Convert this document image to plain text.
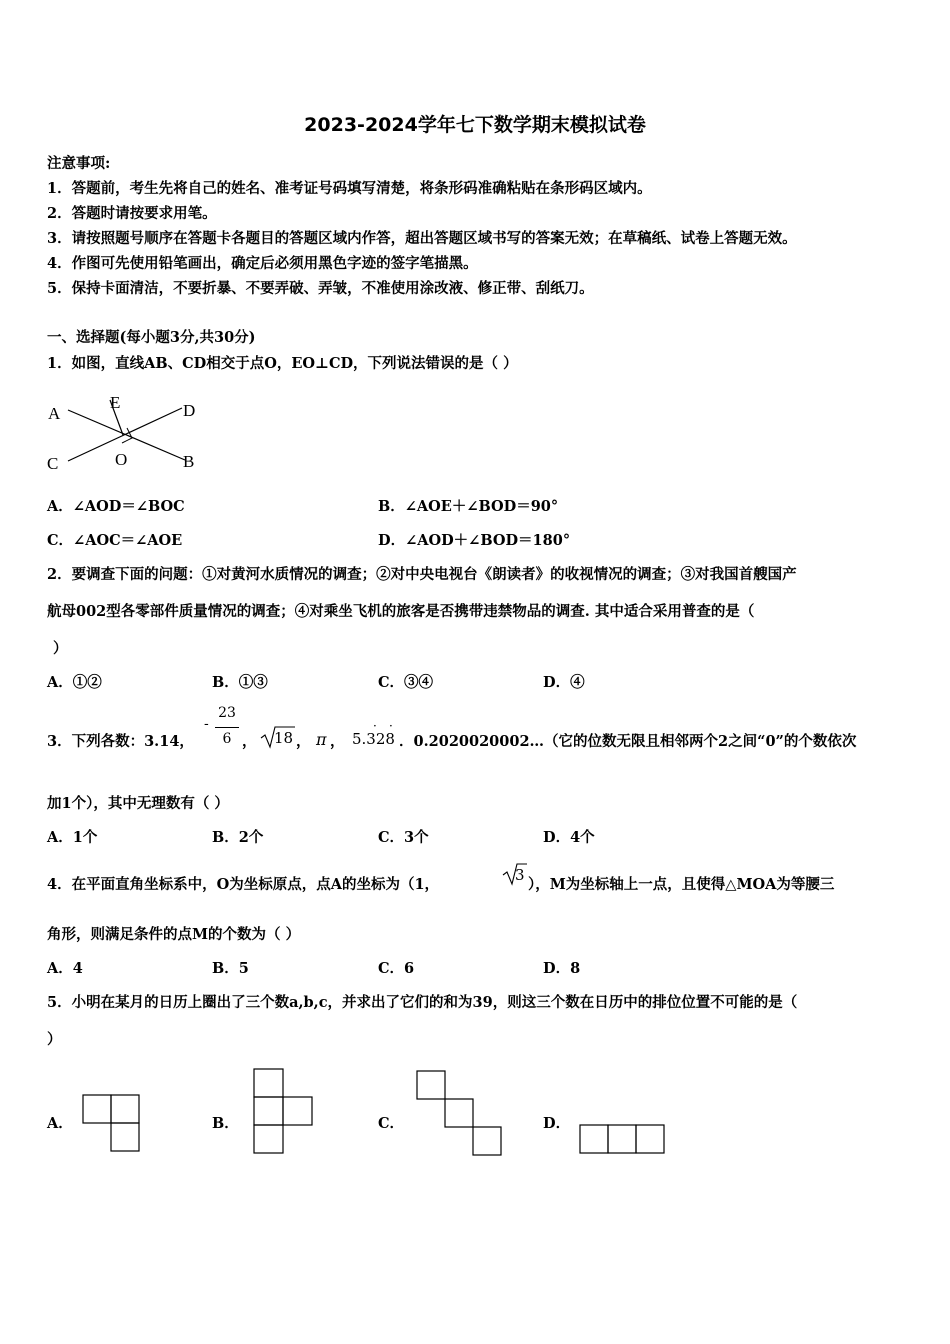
2023-2024学年七下数学期末模拟试卷
注意事项:
1．答题前，考生先将自己的姓名、准考证号码填写清楚，将条形码准确粘贴在条形码区域内。
2．答题时请按要求用笔。
3．请按照题号顺序在答题卡各题目的答题区域内作答，超出答题区域书写的答案无效；在草稿纸、试卷上答题无效。
4．作图可先使用铅笔画出，确定后必须用黑色字迹的签字笔描黑。
5．保持卡面清洁，不要折暴、不要弄破、弄皱，不准使用涂改液、修正带、刮纸刀。
一、选择题(每小题3分,共30分)
1．如图，直线AB、CD相交于点O，EO⊥CD，下列说法错误的是（ ）
A
E	D
C	O	B
A．∠AOD＝∠BOC	B．∠AOE＋∠BOD＝90°
C．∠AOC＝∠AOE	D．∠AOD＋∠BOD＝180°
2．要调查下面的问题：①对黄河水质情况的调查；②对中央电视台《朗读者》的收视情况的调查；③对我国首艘国产
航母002型各零部件质量情况的调查；④对乘坐飞机的旅客是否携带违禁物品的调查. 其中适合采用普查的是（
）
A．①②	B．①③	C．③④	D．④
3．下列各数：3.14，
-
23
6 ， 18 ， π ， 5.328
· ·
．0.2020020002…（它的位数无限且相邻两个2之间“0”的个数依次
加1个），其中无理数有（ ）
A．1个	B．2个	C．3个	D．4个
4．在平面直角坐标系中，O为坐标原点，点A的坐标为（1，
3
），M为坐标轴上一点，且使得△MOA为等腰三
角形，则满足条件的点M的个数为（ ）
A．4	B．5	C．6	D．8
5．小明在某月的日历上圈出了三个数a,b,c，并求出了它们的和为39，则这三个数在日历中的排位位置不可能的是（
）
A．	B．	C．	D．
